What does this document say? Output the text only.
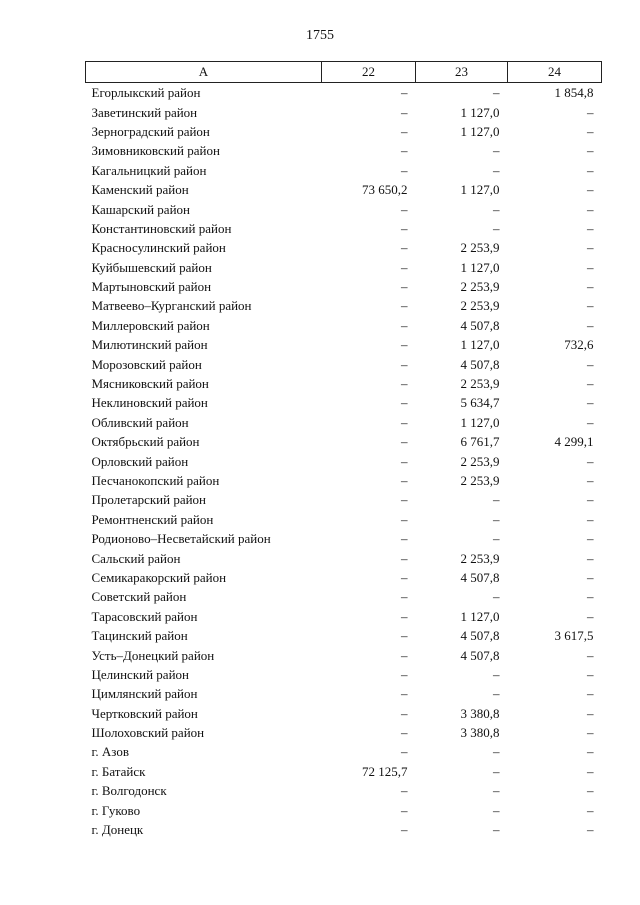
1755
А	22	23	24
Егорлыкский район	–	–	1 854,8
Заветинский район	–	1 127,0	–
Зерноградский район	–	1 127,0	–
Зимовниковский район	–	–	–
Кагальницкий район	–	–	–
Каменский район	73 650,2	1 127,0	–
Кашарский район	–	–	–
Константиновский район	–	–	–
Красносулинский район	–	2 253,9	–
Куйбышевский район	–	1 127,0	–
Мартыновский район	–	2 253,9	–
Матвеево–Курганский район	–	2 253,9	–
Миллеровский район	–	4 507,8	–
Милютинский район	–	1 127,0	732,6
Морозовский район	–	4 507,8	–
Мясниковский район	–	2 253,9	–
Неклиновский район	–	5 634,7	–
Обливский район	–	1 127,0	–
Октябрьский район	–	6 761,7	4 299,1
Орловский район	–	2 253,9	–
Песчанокопский район	–	2 253,9	–
Пролетарский район	–	–	–
Ремонтненский район	–	–	–
Родионово–Несветайский район	–	–	–
Сальский район	–	2 253,9	–
Семикаракорский район	–	4 507,8	–
Советский район	–	–	–
Тарасовский район	–	1 127,0	–
Тацинский район	–	4 507,8	3 617,5
Усть–Донецкий район	–	4 507,8	–
Целинский район	–	–	–
Цимлянский район	–	–	–
Чертковский район	–	3 380,8	–
Шолоховский район	–	3 380,8	–
г. Азов	–	–	–
г. Батайск	72 125,7	–	–
г. Волгодонск	–	–	–
г. Гуково	–	–	–
г. Донецк	–	–	–
